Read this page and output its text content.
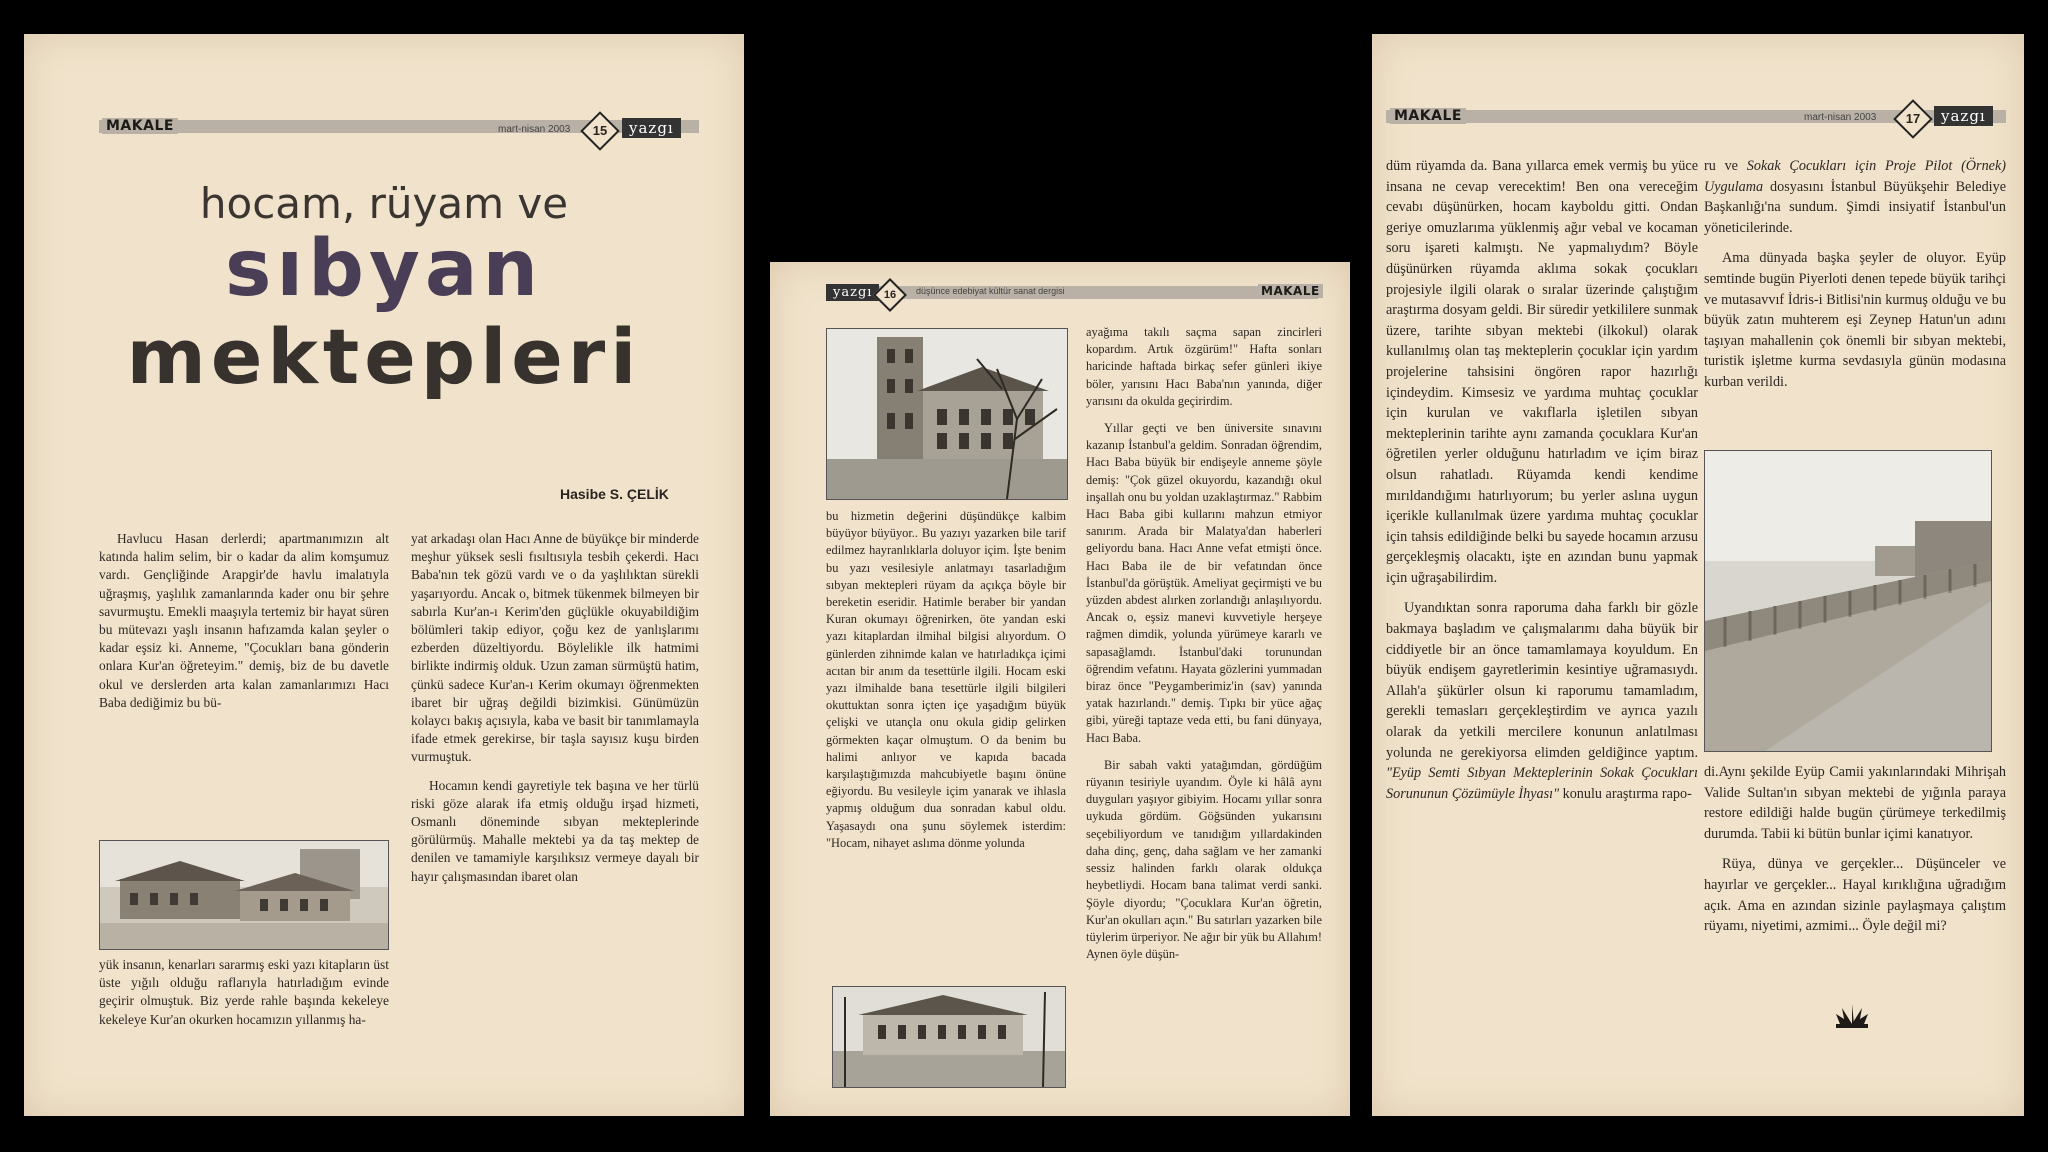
MAKALE	mart-nisan 2003	15	yazgı
hocam, rüyam ve
sıbyan
mektepleri
Hasibe S. ÇELİK

Havlucu Hasan derlerdi; apartmanımızın alt katında halim selim, bir o kadar da alim komşumuz vardı. Gençliğinde Arapgir'de havlu imalatıyla uğraşmış, yaşlılık zamanlarında kader onu bir şehre savurmuştu. Emekli maaşıyla tertemiz bir hayat süren bu mütevazı yaşlı insanın hafızamda kalan şeyler o kadar eşsiz ki. Anneme, "Çocukları bana gönderin onlara Kur'an öğreteyim." demiş, biz de bu davetle okul ve derslerden arta kalan zamanlarımızı Hacı Baba dediğimiz bu bü-

yük insanın, kenarları sararmış eski yazı kitapların üst üste yığılı olduğu raflarıyla hatırladığım evinde geçirir olmuştuk. Biz yerde rahle başında kekeleye kekeleye Kur'an okurken hocamızın yıllanmış ha-

yat arkadaşı olan Hacı Anne de büyükçe bir minderde meşhur yüksek sesli fısıltısıyla tesbih çekerdi. Hacı Baba'nın tek gözü vardı ve o da yaşlılıktan sürekli yaşarıyordu. Ancak o, bitmek tükenmek bilmeyen bir sabırla Kur'an-ı Kerim'den güçlükle okuyabildiğim bölümleri takip ediyor, çoğu kez de yanlışlarımı ezberden düzeltiyordu. Böylelikle ilk hatmimi birlikte indirmiş olduk. Uzun zaman sürmüştü hatim, çünkü sadece Kur'an-ı Kerim okumayı öğrenmekten ibaret bir uğraş değildi bizimkisi. Günümüzün kolaycı bakış açısıyla, kaba ve basit bir tanımlamayla ifade etmek gerekirse, bir taşla sayısız kuşu birden vurmuştuk.

Hocamın kendi gayretiyle tek başına ve her türlü riski göze alarak ifa etmiş olduğu irşad hizmeti, Osmanlı döneminde sıbyan mekteplerinde görülürmüş. Mahalle mektebi ya da taş mektep de denilen ve tamamiyle karşılıksız vermeye dayalı bir hayır çalışmasından ibaret olan

yazgı	16	düşünce edebiyat kültür sanat dergisi	MAKALE

bu hizmetin değerini düşündükçe kalbim büyüyor büyüyor.. Bu yazıyı yazarken bile tarif edilmez hayranlıklarla doluyor içim. İşte benim bu yazı vesilesiyle anlatmayı tasarladığım sıbyan mektepleri rüyam da açıkça böyle bir bereketin eseridir. Hatimle beraber bir yandan Kuran okumayı öğrenirken, öte yandan eski yazı kitaplardan ilmihal bilgisi alıyordum. O günlerden zihnimde kalan ve hatırladıkça içimi acıtan bir anım da tesettürle ilgili. Hocam eski yazı ilmihalde bana tesettürle ilgili bilgileri okuttuktan sonra içten içe yaşadığım büyük çelişki ve utançla onu okula gidip gelirken görmekten kaçar olmuştum. O da benim bu halimi anlıyor ve kapıda bacada karşılaştığımızda mahcubiyetle başını önüne eğiyordu. Bu vesileyle içim yanarak ve ihlasla yapmış olduğum dua sonradan kabul oldu. Yaşasaydı ona şunu söylemek isterdim: "Hocam, nihayet aslıma dönme yolunda

ayağıma takılı saçma sapan zincirleri kopardım. Artık özgürüm!" Hafta sonları haricinde haftada birkaç sefer günleri ikiye böler, yarısını Hacı Baba'nın yanında, diğer yarısını da okulda geçirirdim.

Yıllar geçti ve ben üniversite sınavını kazanıp İstanbul'a geldim. Sonradan öğrendim, Hacı Baba büyük bir endişeyle anneme şöyle demiş: "Çok güzel okuyordu, kazandığı okul inşallah onu bu yoldan uzaklaştırmaz." Rabbim Hacı Baba gibi kullarını mahzun etmiyor sanırım. Arada bir Malatya'dan haberleri geliyordu bana. Hacı Anne vefat etmişti önce. Hacı Baba ile de bir vefatından önce İstanbul'da görüştük. Ameliyat geçirmişti ve bu yüzden abdest alırken zorlandığı anlaşılıyordu. Ancak o, eşsiz manevi kuvvetiyle herşeye rağmen dimdik, yolunda yürümeye kararlı ve sapasağlamdı. İstanbul'daki torunundan öğrendim vefatını. Hayata gözlerini yummadan biraz önce "Peygamberimiz'in (sav) yanında yatak hazırlandı." demiş. Tıpkı bir yüce ağaç gibi, yüreği taptaze veda etti, bu fani dünyaya, Hacı Baba.

Bir sabah vakti yatağımdan, gördüğüm rüyanın tesiriyle uyandım. Öyle ki hâlâ aynı duyguları yaşıyor gibiyim. Hocamı yıllar sonra uykuda gördüm. Göğsünden yukarısını seçebiliyordum ve tanıdığım yıllardakinden daha dinç, genç, daha sağlam ve her zamanki sessiz halinden farklı olarak oldukça heybetliydi. Hocam bana talimat verdi sanki. Şöyle diyordu; "Çocuklara Kur'an öğretin, Kur'an okulları açın." Bu satırları yazarken bile tüylerim ürperiyor. Ne ağır bir yük bu Allahım! Aynen öyle düşün-

MAKALE	mart-nisan 2003	17	yazgı

düm rüyamda da. Bana yıllarca emek vermiş bu yüce insana ne cevap verecektim! Ben ona vereceğim cevabı düşünürken, hocam kayboldu gitti. Ondan geriye omuzlarıma yüklenmiş ağır vebal ve kocaman soru işareti kalmıştı. Ne yapmalıydım? Böyle düşünürken rüyamda aklıma sokak çocukları projesiyle ilgili olarak o sıralar üzerinde çalıştığım araştırma dosyam geldi. Bir süredir yetkililere sunmak üzere, tarihte sıbyan mektebi (ilkokul) olarak kullanılmış olan taş mekteplerin çocuklar için yardım projelerine tahsisini öngören rapor hazırlığı içindeydim. Kimsesiz ve yardıma muhtaç çocuklar için kurulan ve vakıflarla işletilen sıbyan mekteplerinin tarihte aynı zamanda çocuklara Kur'an öğretilen yerler olduğunu hatırladım ve içim biraz olsun rahatladı. Rüyamda kendi kendime mırıldandığımı hatırlıyorum; bu yerler aslına uygun içerikle kullanılmak üzere yardıma muhtaç çocuklar için tahsis edildiğinde belki bu sayede hocamın arzusu gerçekleşmiş olacaktı, işte en azından bunu yapmak için uğraşabilirdim.

Uyandıktan sonra raporuma daha farklı bir gözle bakmaya başladım ve çalışmalarımı daha büyük bir ciddiyetle bir an önce tamamlamaya koyuldum. En büyük endişem gayretlerimin kesintiye uğramasıydı. Allah'a şükürler olsun ki raporumu tamamladım, gerekli temasları gerçekleştirdim ve ayrıca yazılı olarak da yetkili mercilere konunun anlatılması yolunda ne gerekiyorsa elimden geldiğince yaptım. "Eyüp Semti Sıbyan Mekteplerinin Sokak Çocukları Sorununun Çözümüyle İhyası" konulu araştırma rapo-

ru ve Sokak Çocukları için Proje Pilot (Örnek) Uygulama dosyasını İstanbul Büyükşehir Belediye Başkanlığı'na sundum. Şimdi insiyatif İstanbul'un yöneticilerinde.

Ama dünyada başka şeyler de oluyor. Eyüp semtinde bugün Piyerloti denen tepede büyük tarihçi ve mutasavvıf İdris-i Bitlisi'nin kurmuş olduğu ve bu büyük zatın muhterem eşi Zeynep Hatun'un adını taşıyan mahallenin çok önemli bir sıbyan mektebi, turistik işletme kurma sevdasıyla günün modasına kurban verildi.

di.Aynı şekilde Eyüp Camii yakınlarındaki Mihrişah Valide Sultan'ın sıbyan mektebi de yığınla paraya restore edildiği halde bugün çürümeye terkedilmiş durumda. Tabii ki bütün bunlar içimi kanatıyor.

Rüya, dünya ve gerçekler... Düşünceler ve hayırlar ve gerçekler... Hayal kırıklığına uğradığım açık. Ama en azından sizinle paylaşmaya çalıştım rüyamı, niyetimi, azmimi... Öyle değil mi?
